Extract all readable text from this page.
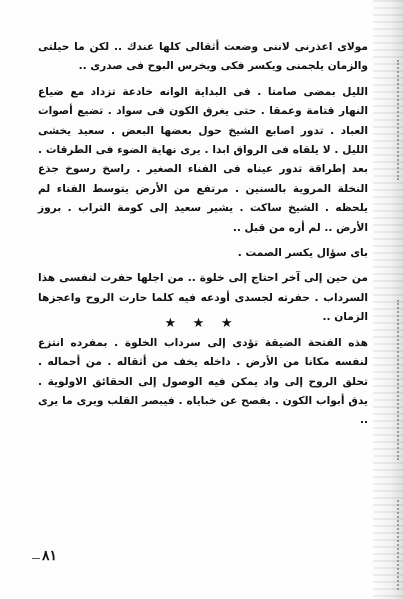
مولاى اعذرنى لاننى وضعت أثقالى كلها عندك .. لكن ما حيلتى والزمان يلجمنى ويكسر فكى ويخرس البوح فى صدرى ..

الليل بمضى صامتا . فى البداية الوانه خادعة تزداد مع ضياع النهار قتامة وعمقا . حتى يغرق الكون فى سواد . تضيع أصوات العباد . تدور اصابع الشيخ حول بعضها البعض . سعيد يخشى الليل . لا يلقاه فى الرواق ابدا . يرى نهاية الضوء فى الطرقات . بعد إطراقة تدور عيناه فى الفناء الصغير . راسخ رسوخ جذع النخلة المروية بالسنين . مرتفع من الأرض يتوسط الفناء لم يلحظه . الشيخ ساكت . يشير سعيد إلى كومة التراب . بروز الأرض .. لم أره من قبل ..

باى سؤال يكسر الصمت .

من حين إلى آخر احتاج إلى خلوة .. من اجلها حفرت لنفسى هذا السرداب . حفرته لجسدى أودعه فيه كلما حارت الروح واعجزها الزمان ..

هذه الفتحة الضيقة تؤدى إلى سرداب الخلوة . بمفرده انتزع لنفسه مكانا من الأرض . داخله يخف من أثقاله . من أحماله . تحلق الروح إلى واد يمكن فيه الوصول إلى الحقائق الاولوية . يدق أبواب الكون . يفصح عن خباياه . فيبصر القلب ويرى ما يرى ..

★ ★ ★
٨١
